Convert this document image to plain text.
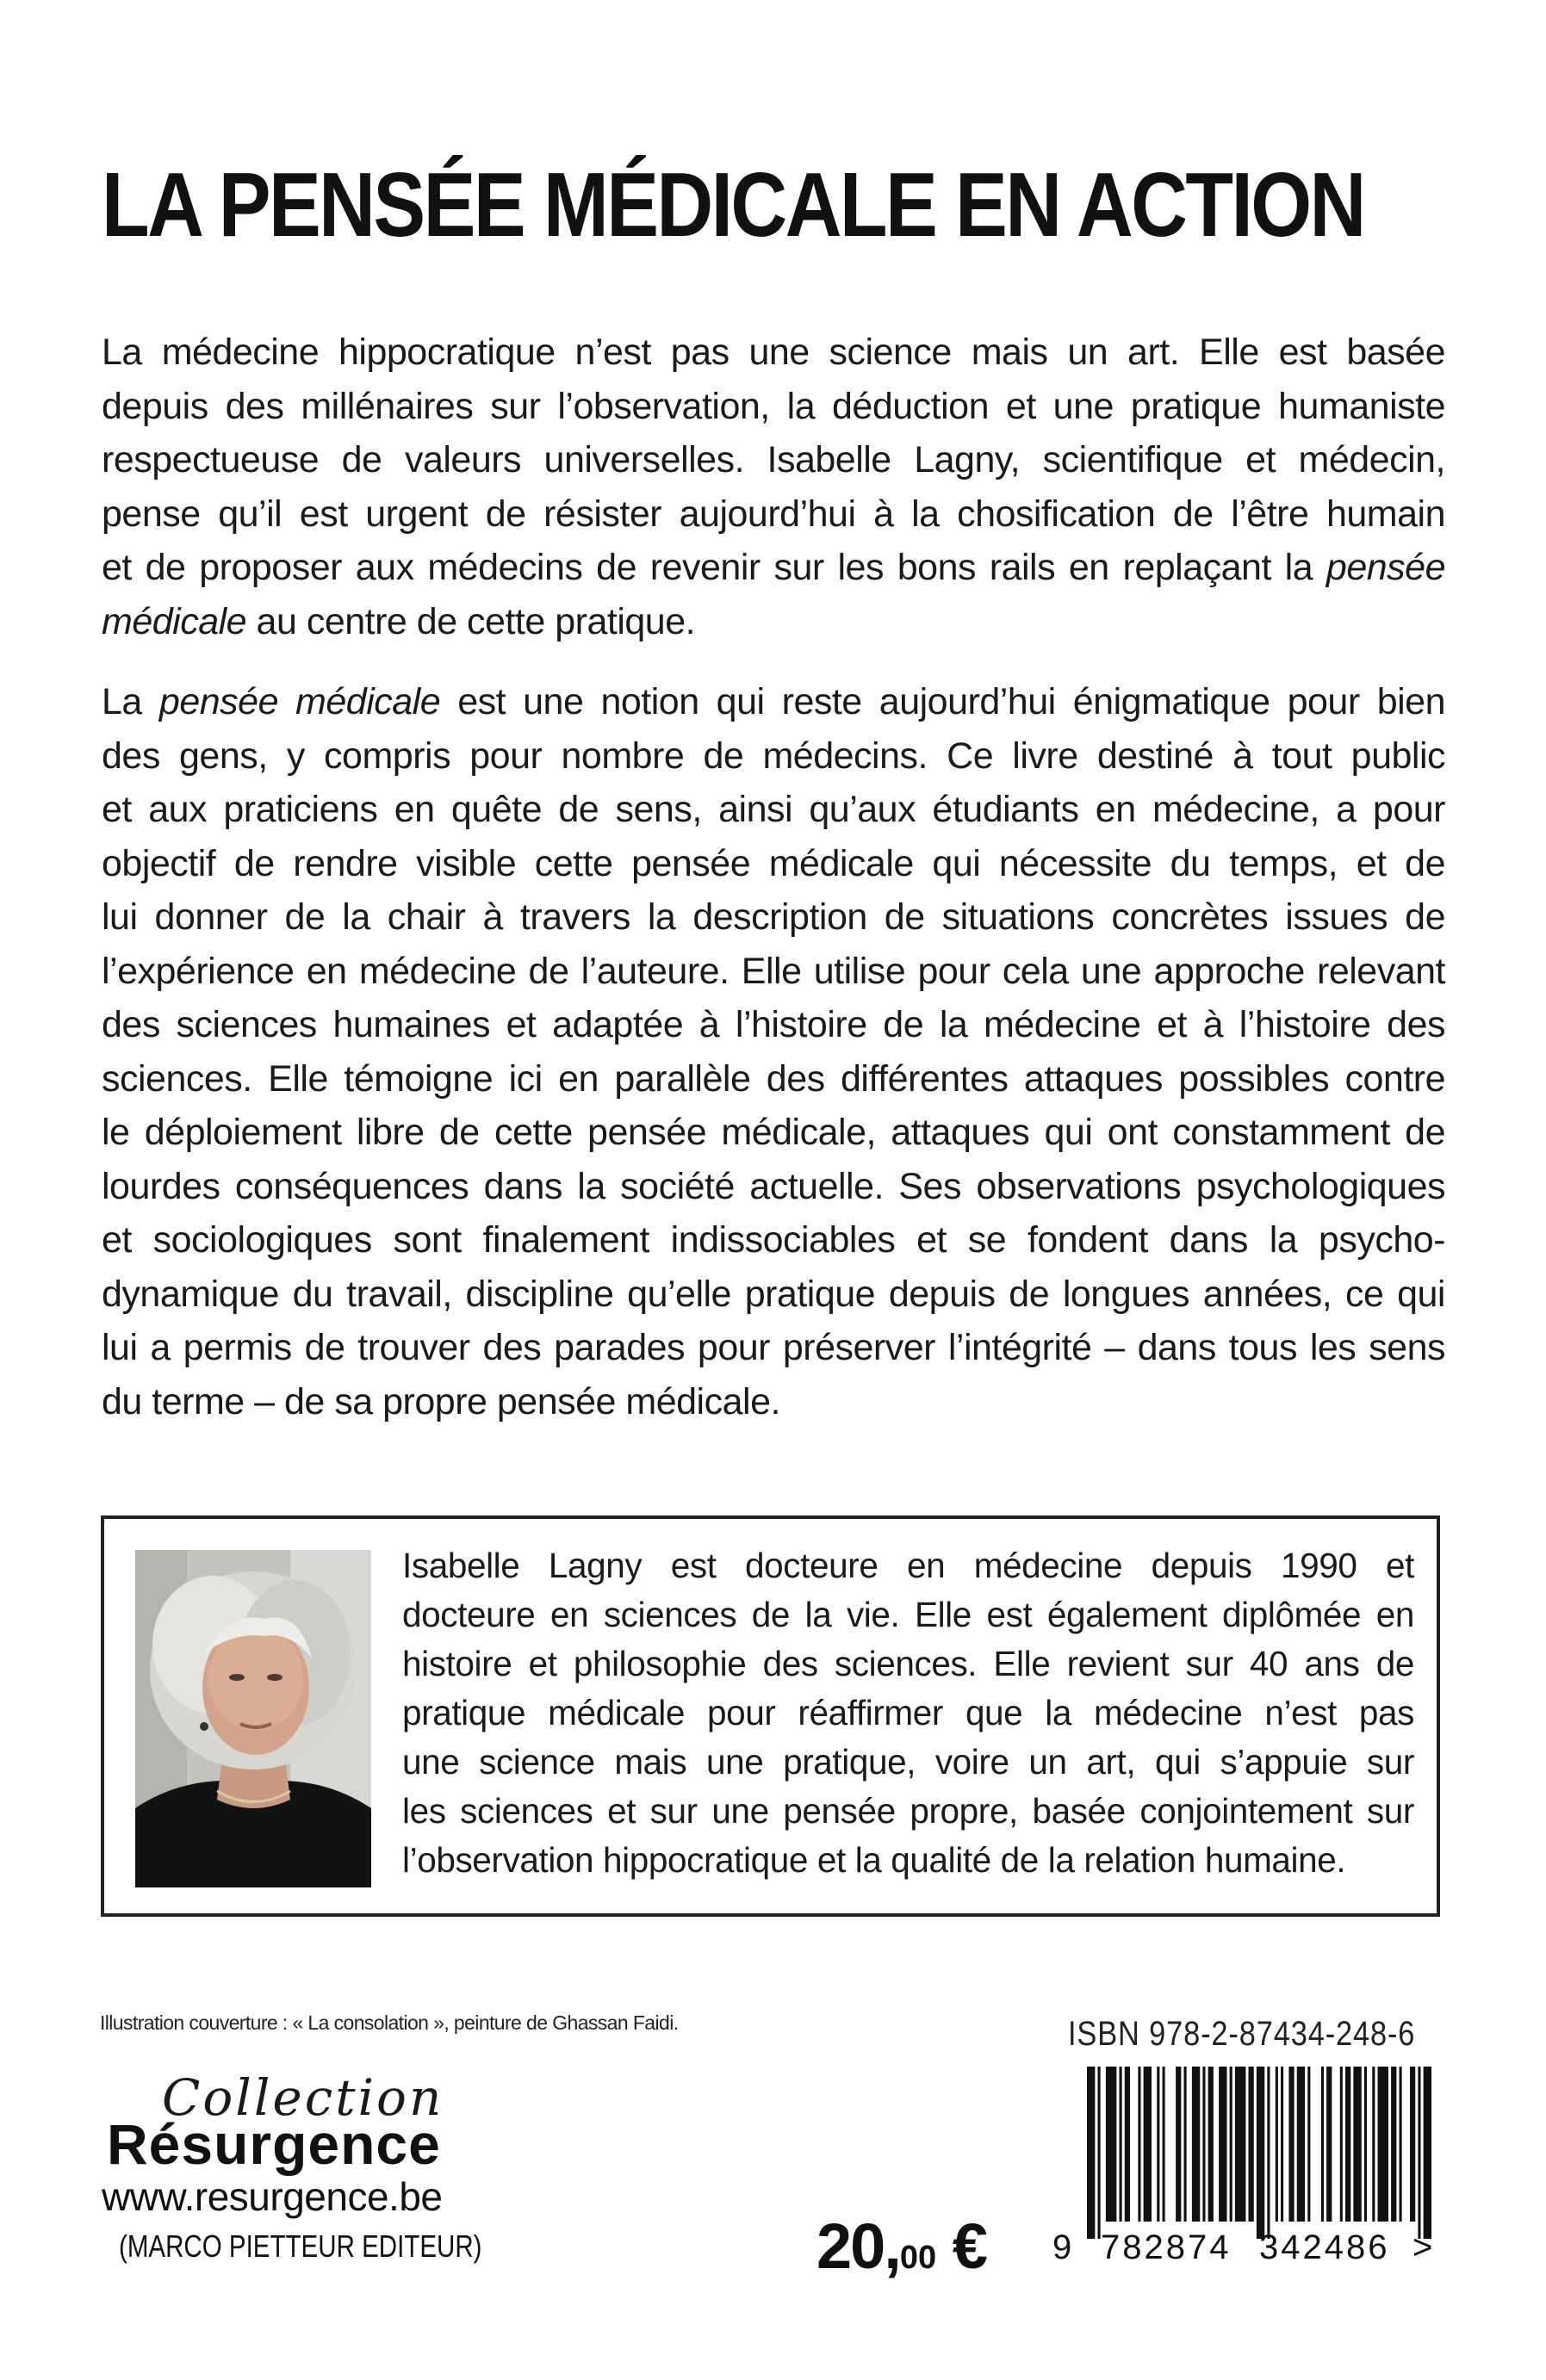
LA PENSÉE MÉDICALE EN ACTION
La médecine hippocratique n’est pas une science mais un art. Elle est basée
depuis des millénaires sur l’observation, la déduction et une pratique humaniste
respectueuse de valeurs universelles. Isabelle Lagny, scientifique et médecin,
pense qu’il est urgent de résister aujourd’hui à la chosification de l’être humain
et de proposer aux médecins de revenir sur les bons rails en replaçant la pensée
médicale au centre de cette pratique.
La pensée médicale est une notion qui reste aujourd’hui énigmatique pour bien
des gens, y compris pour nombre de médecins. Ce livre destiné à tout public
et aux praticiens en quête de sens, ainsi qu’aux étudiants en médecine, a pour
objectif de rendre visible cette pensée médicale qui nécessite du temps, et de
lui donner de la chair à travers la description de situations concrètes issues de
l’expérience en médecine de l’auteure. Elle utilise pour cela une approche relevant
des sciences humaines et adaptée à l’histoire de la médecine et à l’histoire des
sciences. Elle témoigne ici en parallèle des différentes attaques possibles contre
le déploiement libre de cette pensée médicale, attaques qui ont constamment de
lourdes conséquences dans la société actuelle. Ses observations psychologiques
et sociologiques sont finalement indissociables et se fondent dans la psycho-
dynamique du travail, discipline qu’elle pratique depuis de longues années, ce qui
lui a permis de trouver des parades pour préserver l’intégrité – dans tous les sens
du terme – de sa propre pensée médicale.
Isabelle Lagny est docteure en médecine depuis 1990 et
docteure en sciences de la vie. Elle est également diplômée en
histoire et philosophie des sciences. Elle revient sur 40 ans de
pratique médicale pour réaffirmer que la médecine n’est pas
une science mais une pratique, voire un art, qui s’appuie sur
les sciences et sur une pensée propre, basée conjointement sur
l’observation hippocratique et la qualité de la relation humaine.
Illustration couverture : « La consolation », peinture de Ghassan Faidi.
Collection
Résurgence
www.resurgence.be
(MARCO PIETTEUR EDITEUR)	20,00 €
ISBN 978-2-87434-248-6
9 782874 342486 >
